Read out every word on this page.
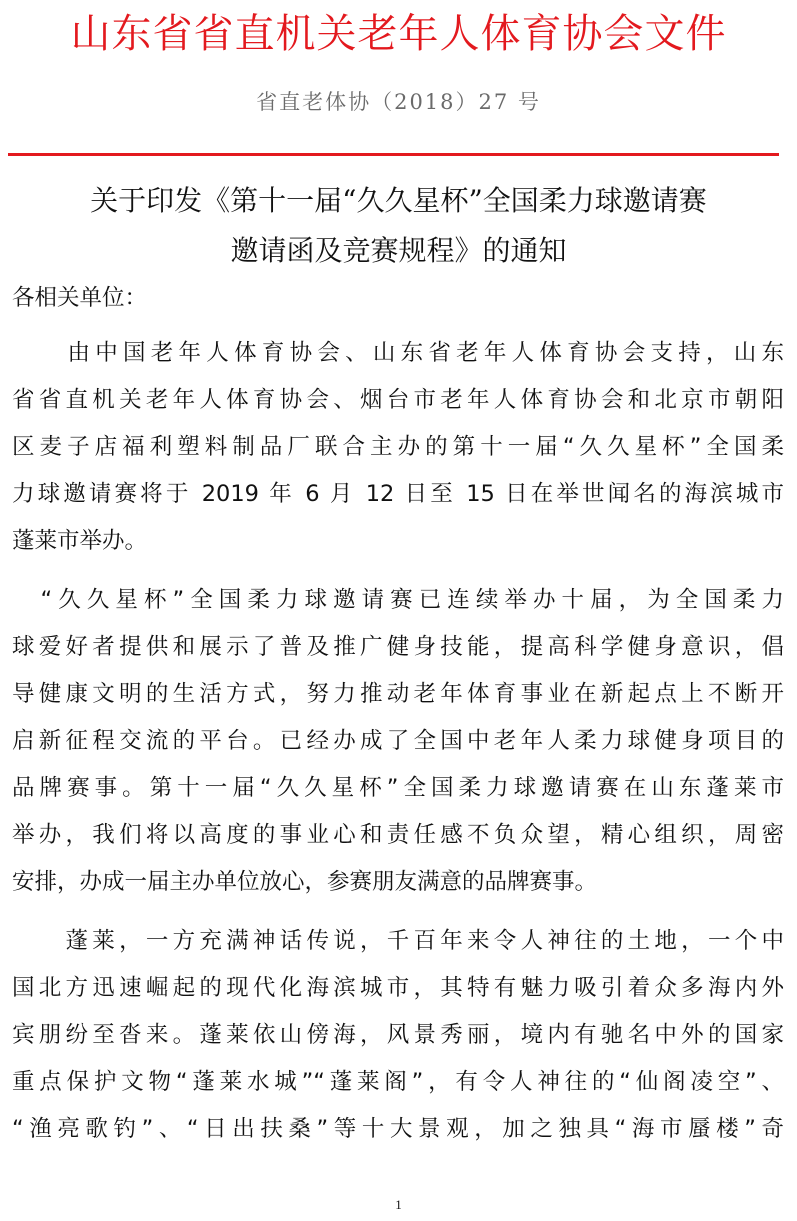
山东省省直机关老年人体育协会文件
省直老体协（2018）27 号
关于印发《第十一届“久久星杯”全国柔力球邀请赛
邀请函及竞赛规程》的通知
各相关单位：
　　由中国老年人体育协会、山东省老年人体育协会支持，山东
省省直机关老年人体育协会、烟台市老年人体育协会和北京市朝阳
区麦子店福利塑料制品厂联合主办的第十一届“久久星杯”全国柔
力球邀请赛将于 2019 年 6 月 12 日至 15 日在举世闻名的海滨城市
蓬莱市举办。
　“久久星杯”全国柔力球邀请赛已连续举办十届，为全国柔力
球爱好者提供和展示了普及推广健身技能，提高科学健身意识，倡
导健康文明的生活方式，努力推动老年体育事业在新起点上不断开
启新征程交流的平台。已经办成了全国中老年人柔力球健身项目的
品牌赛事。第十一届“久久星杯”全国柔力球邀请赛在山东蓬莱市
举办，我们将以高度的事业心和责任感不负众望，精心组织，周密
安排，办成一届主办单位放心，参赛朋友满意的品牌赛事。
　　蓬莱，一方充满神话传说，千百年来令人神往的土地，一个中
国北方迅速崛起的现代化海滨城市，其特有魅力吸引着众多海内外
宾朋纷至沓来。蓬莱依山傍海，风景秀丽，境内有驰名中外的国家
重点保护文物“蓬莱水城”“蓬莱阁”，有令人神往的“仙阁凌空”、
“渔亮歌钓”、“日出扶桑”等十大景观，加之独具“海市蜃楼”奇
1
